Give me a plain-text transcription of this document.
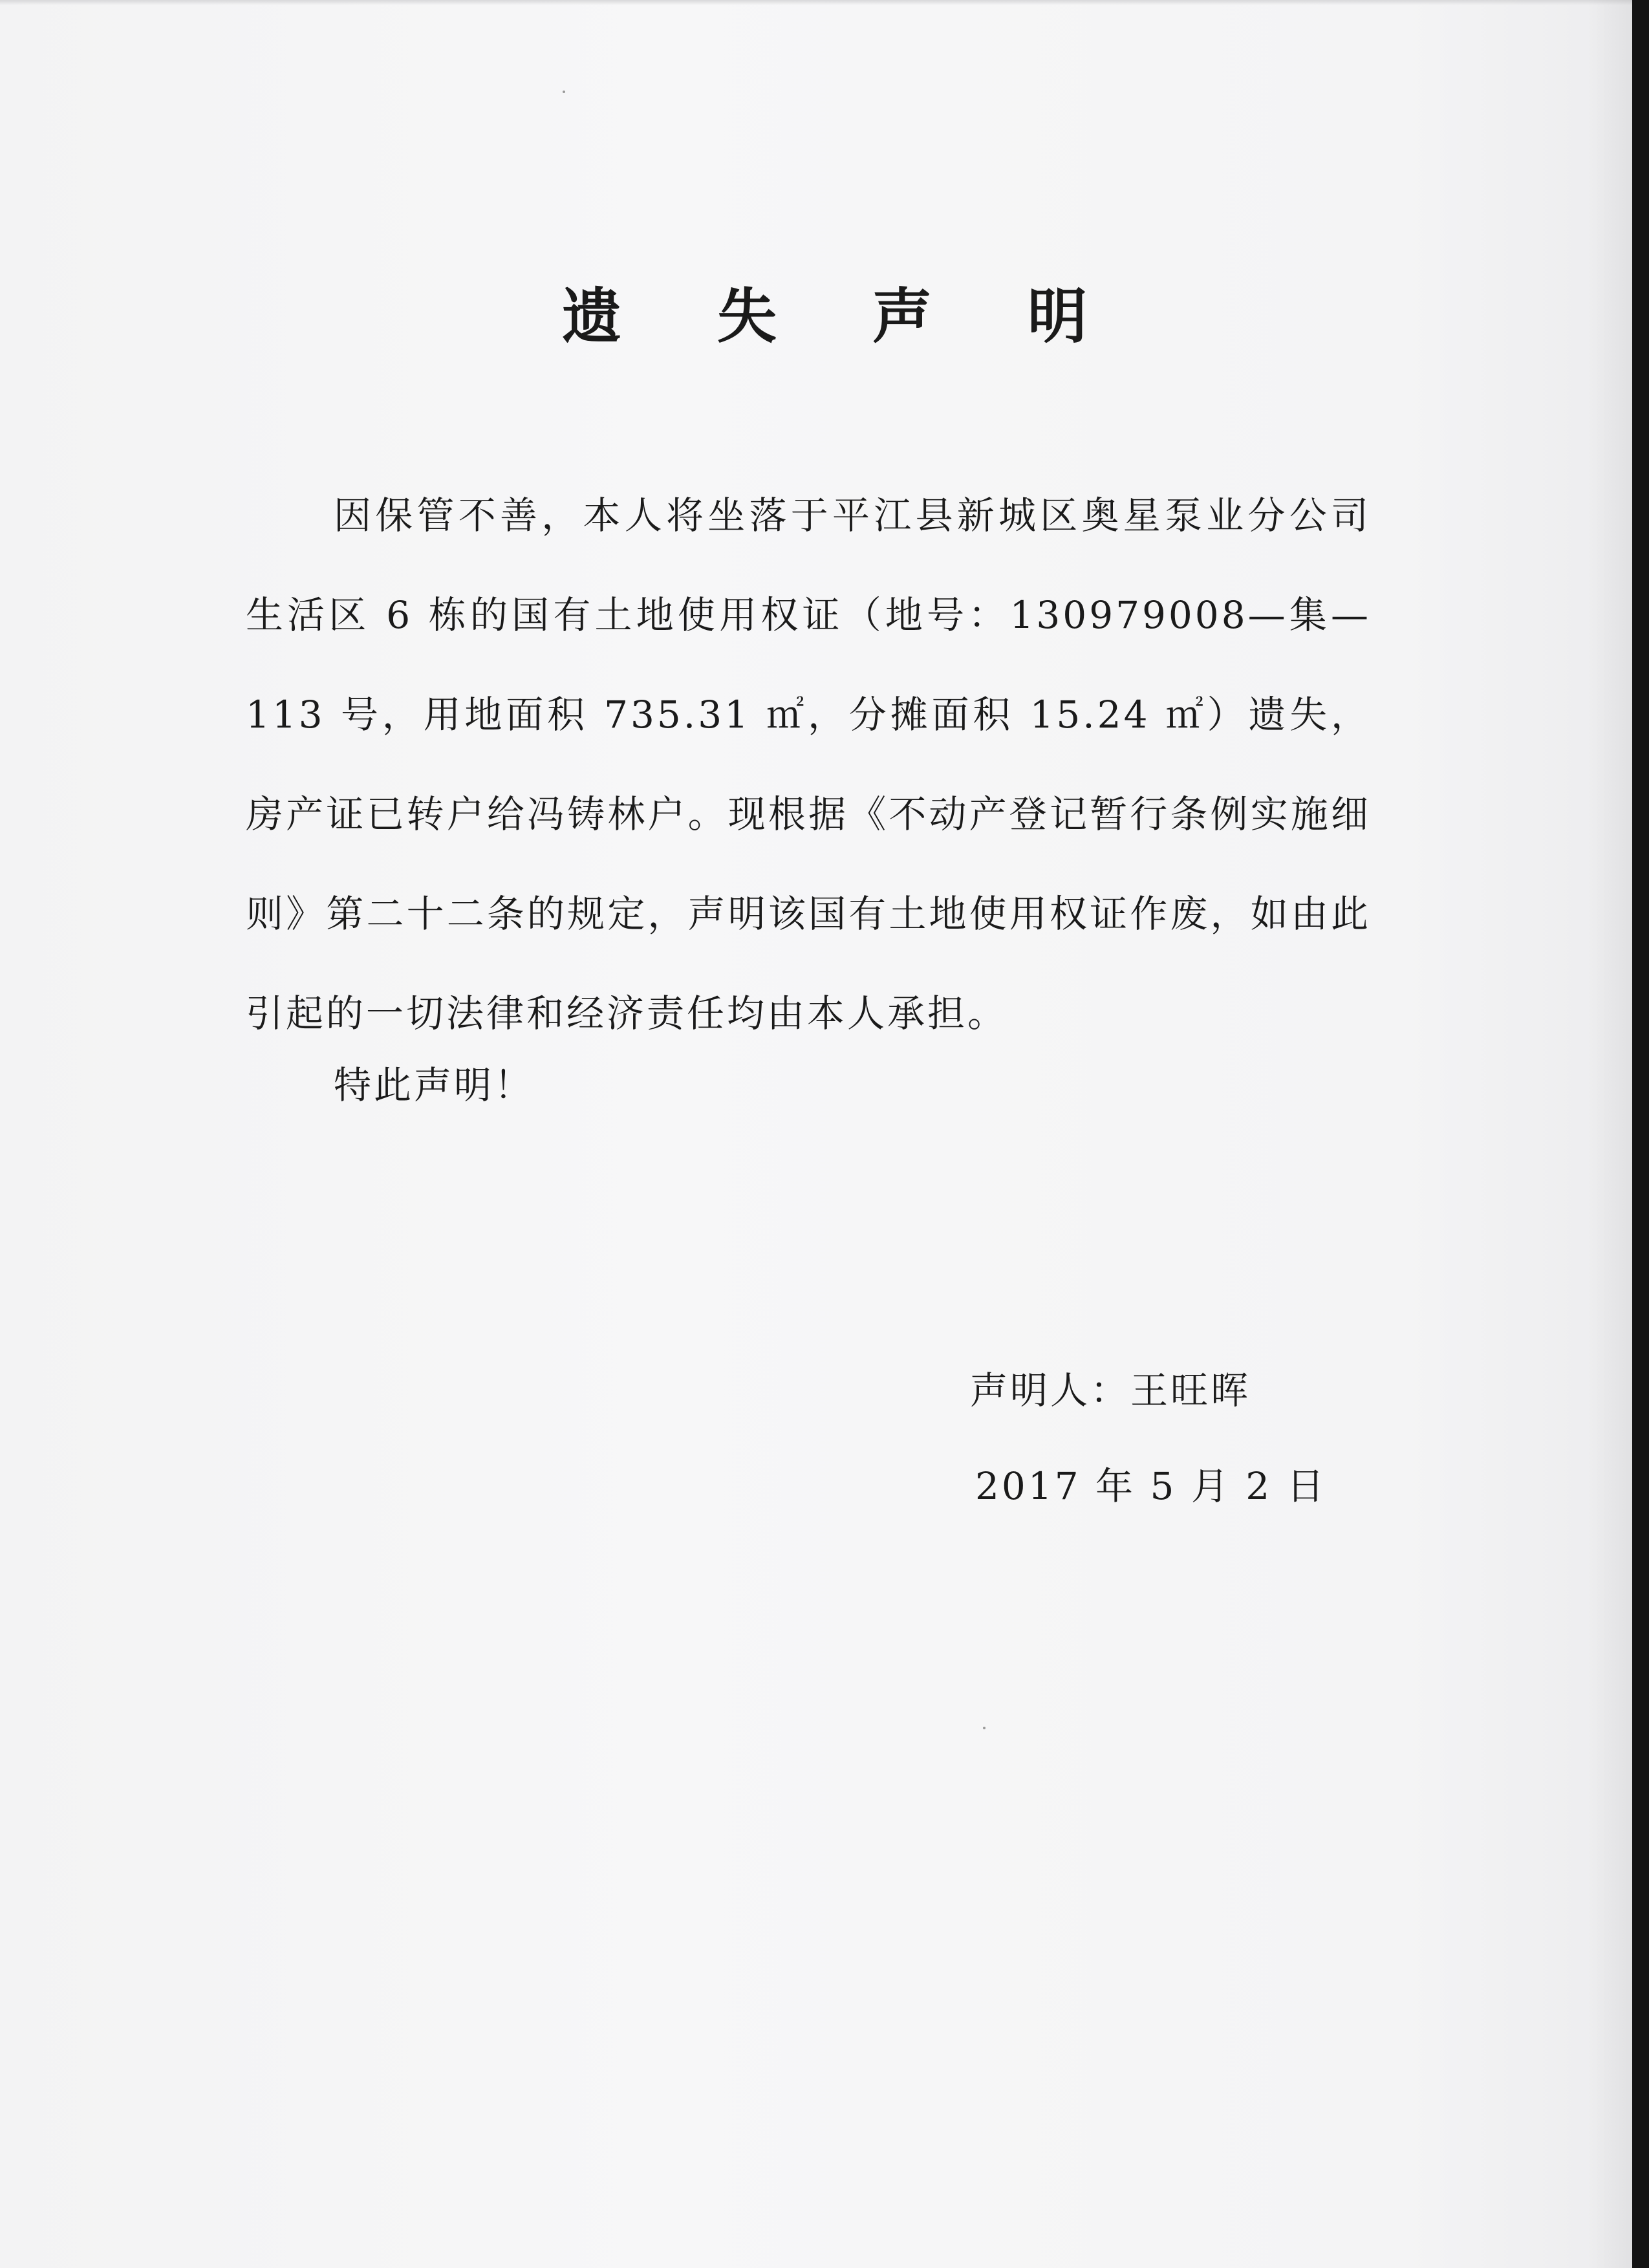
遗 失 声 明

因保管不善，本人将坐落于平江县新城区奥星泵业分公司生活区 6 栋的国有土地使用权证（地号：130979008—集—113 号，用地面积 735.31 ㎡，分摊面积 15.24 ㎡）遗失，房产证已转户给冯铸林户。现根据《不动产登记暂行条例实施细则》第二十二条的规定，声明该国有土地使用权证作废，如由此引起的一切法律和经济责任均由本人承担。

特此声明！
声明人：王旺晖
2017 年 5 月 2 日
